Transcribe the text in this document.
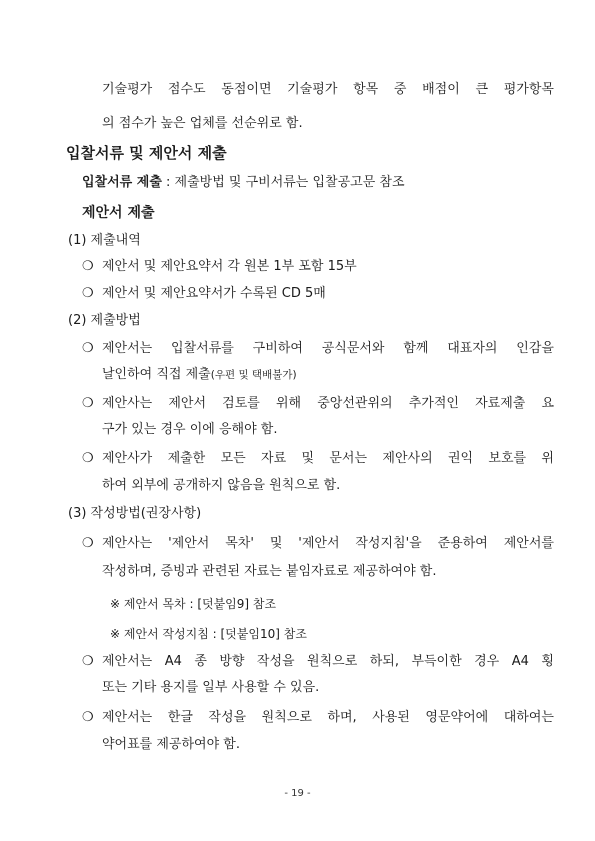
기술평가 점수도 동점이면 기술평가 항목 중 배점이 큰 평가항목
의 점수가 높은 업체를 선순위로 함.
입찰서류 및 제안서 제출
입찰서류 제출 : 제출방법 및 구비서류는 입찰공고문 참조
제안서 제출
(1) 제출내역
❍ 제안서 및 제안요약서 각 원본 1부 포함 15부
❍ 제안서 및 제안요약서가 수록된 CD 5매
(2) 제출방법
❍ 제안서는 입찰서류를 구비하여 공식문서와 함께 대표자의 인감을
날인하여 직접 제출(우편 및 택배불가)
❍ 제안사는 제안서 검토를 위해 중앙선관위의 추가적인 자료제출 요
구가 있는 경우 이에 응해야 함.
❍ 제안사가 제출한 모든 자료 및 문서는 제안사의 권익 보호를 위
하여 외부에 공개하지 않음을 원칙으로 함.
(3) 작성방법(권장사항)
❍ 제안사는 '제안서 목차' 및 '제안서 작성지침'을 준용하여 제안서를
작성하며, 증빙과 관련된 자료는 붙임자료로 제공하여야 함.
※ 제안서 목차 : [덧붙임9] 참조
※ 제안서 작성지침 : [덧붙임10] 참조
❍ 제안서는 A4 종 방향 작성을 원칙으로 하되, 부득이한 경우 A4 횡
또는 기타 용지를 일부 사용할 수 있음.
❍ 제안서는 한글 작성을 원칙으로 하며, 사용된 영문약어에 대하여는
약어표를 제공하여야 함.
- 19 -
